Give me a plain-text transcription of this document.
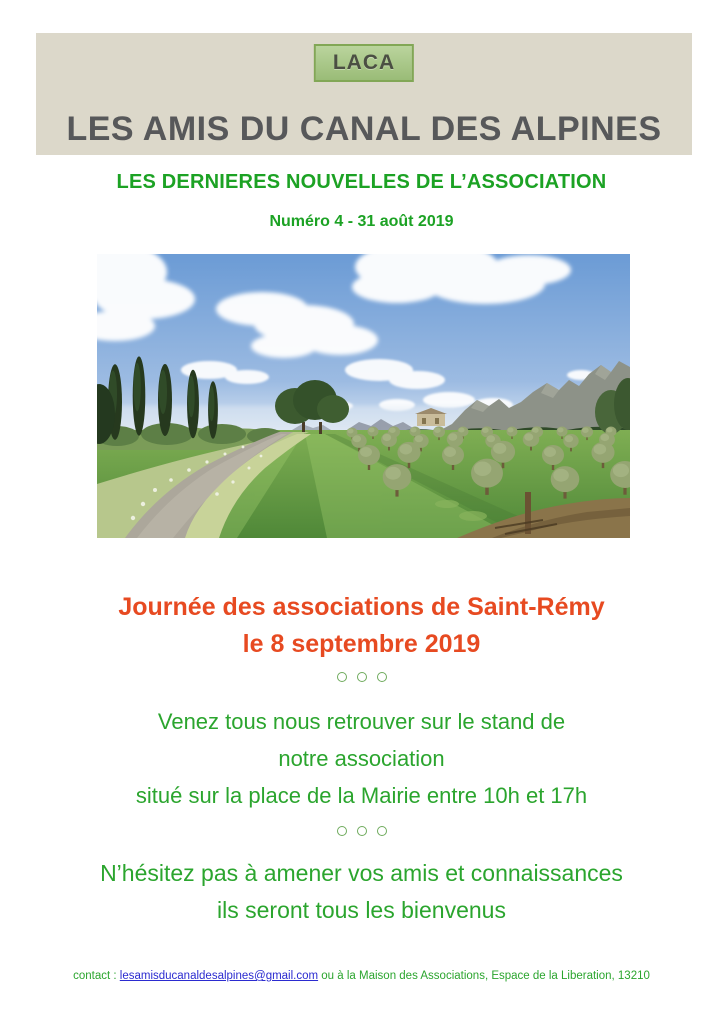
LACA
LES AMIS DU CANAL DES ALPINES
LES DERNIERES NOUVELLES DE L’ASSOCIATION
Numéro 4 - 31 août 2019
Journée des associations de Saint-Rémy
le 8 septembre 2019
Venez tous nous retrouver sur le stand de
notre association
situé sur la place de la Mairie entre 10h et 17h
N’hésitez pas à amener vos amis et connaissances
ils seront tous les bienvenus
contact : lesamisducanaldesalpines@gmail.com ou à la Maison des Associations, Espace de la Liberation, 13210
